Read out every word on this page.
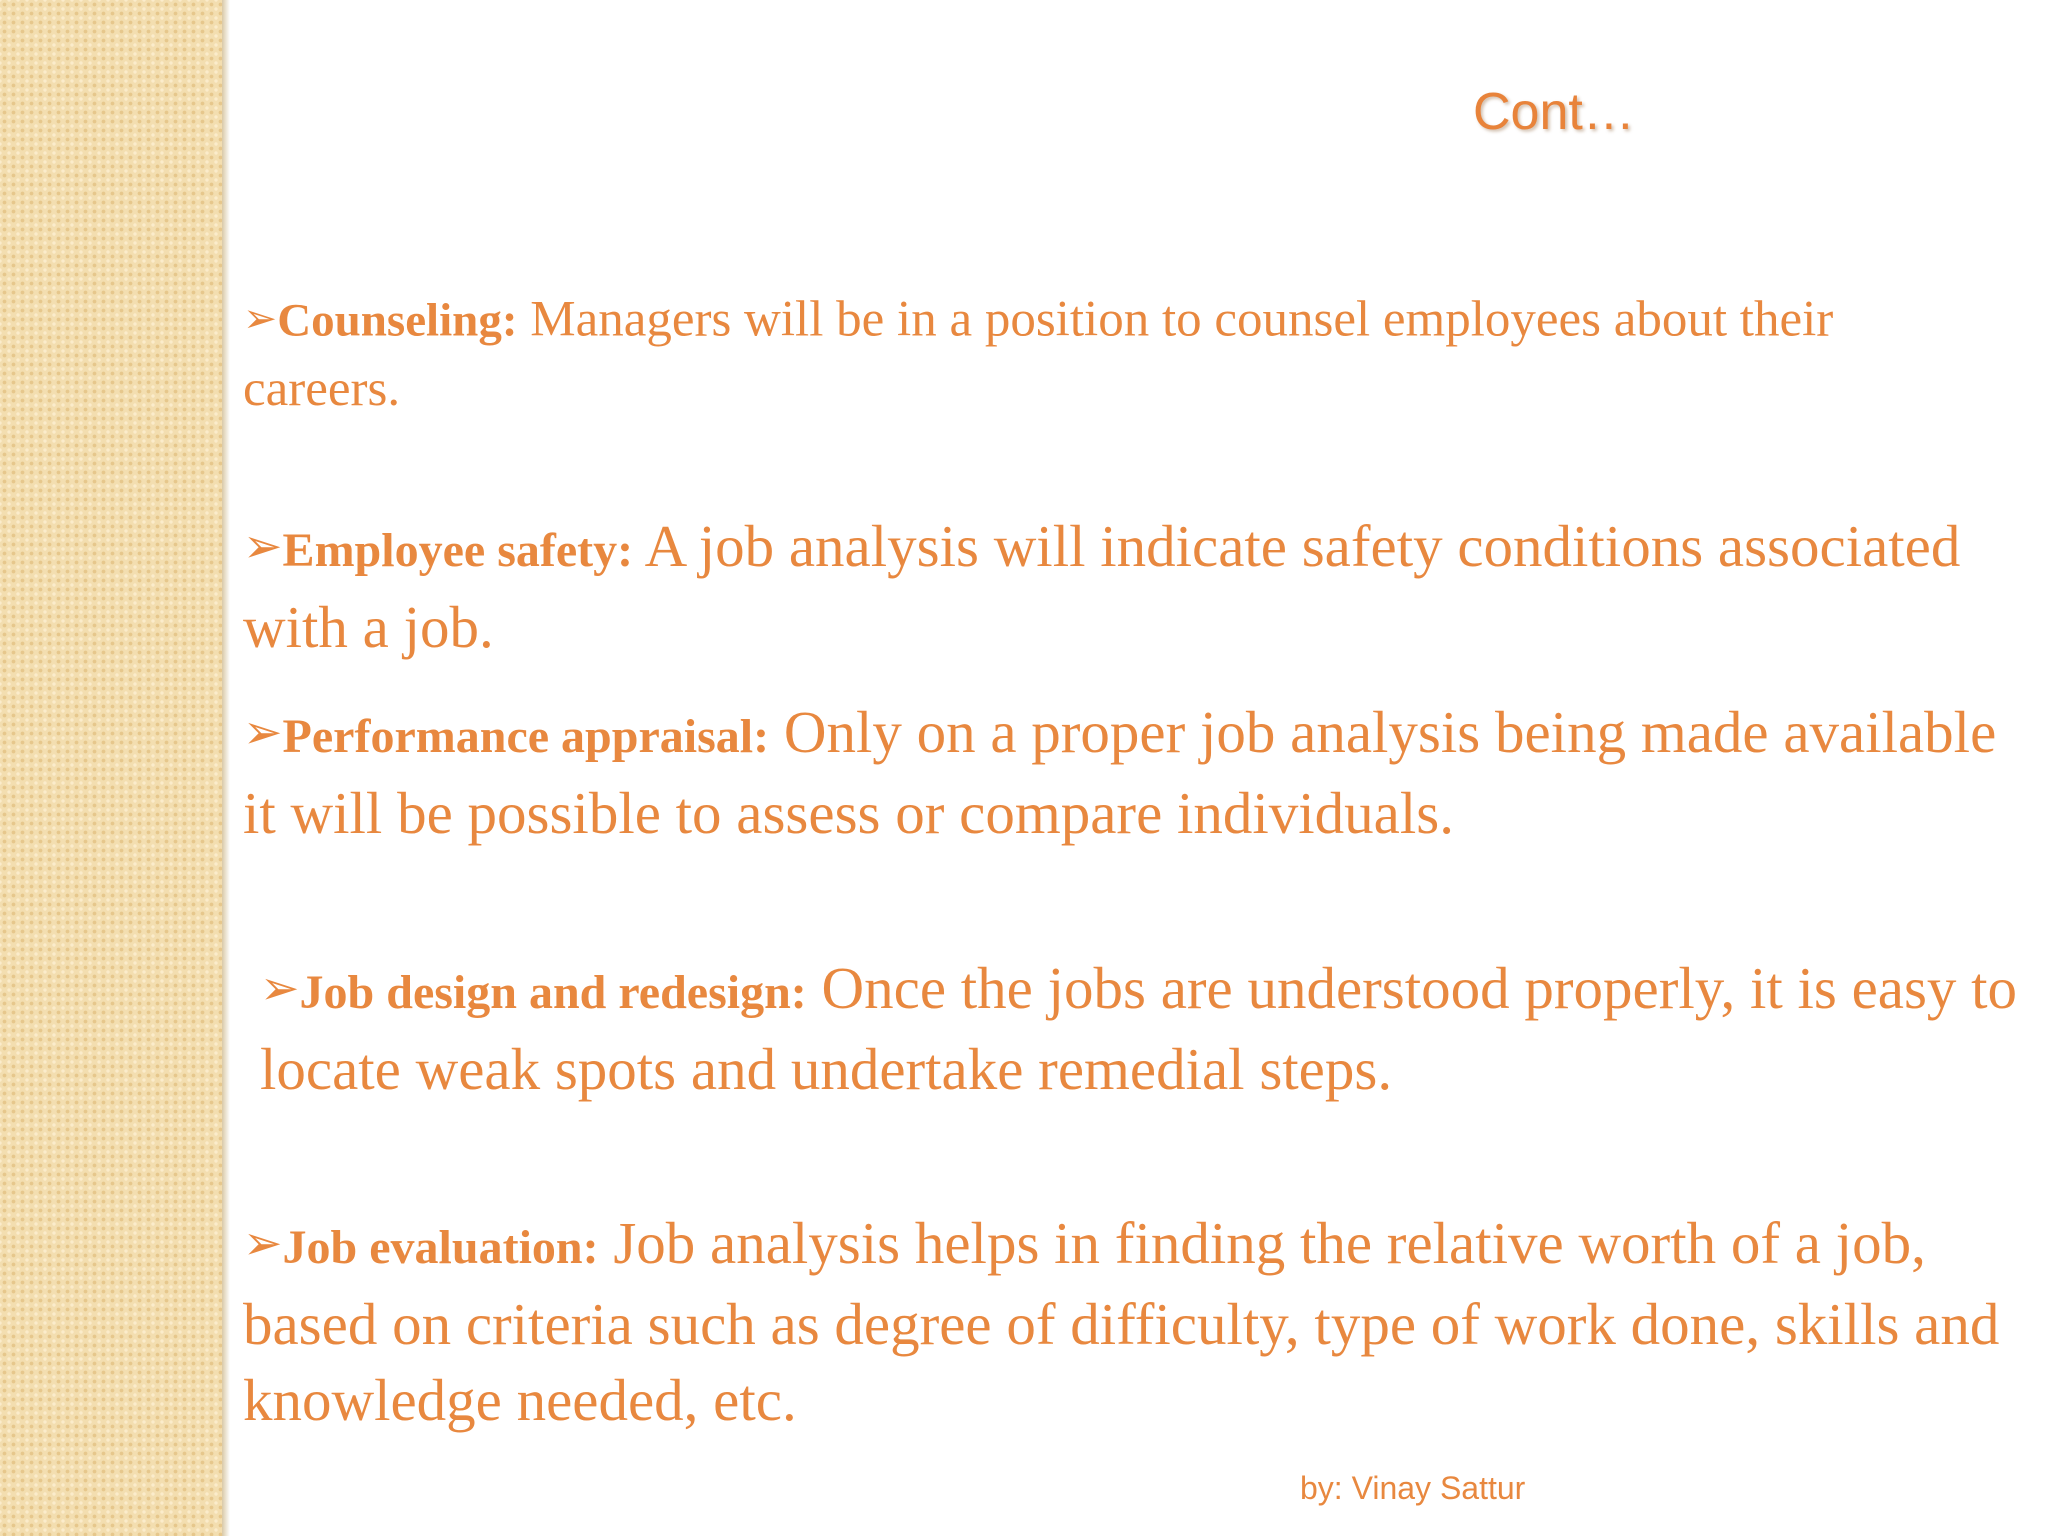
Cont…

➢Counseling: Managers will be in a position to counsel employees about their careers.

➢Employee safety: A job analysis will indicate safety conditions associated with a job.

➢Performance appraisal: Only on a proper job analysis being made available  it will be possible to assess or compare individuals.

➢Job design and redesign: Once the jobs are understood properly, it is easy to locate weak spots and undertake remedial steps.

➢Job evaluation: Job analysis helps in finding the relative worth of a job, based on criteria such as degree of difficulty, type of work done, skills and knowledge needed, etc.

by: Vinay Sattur
